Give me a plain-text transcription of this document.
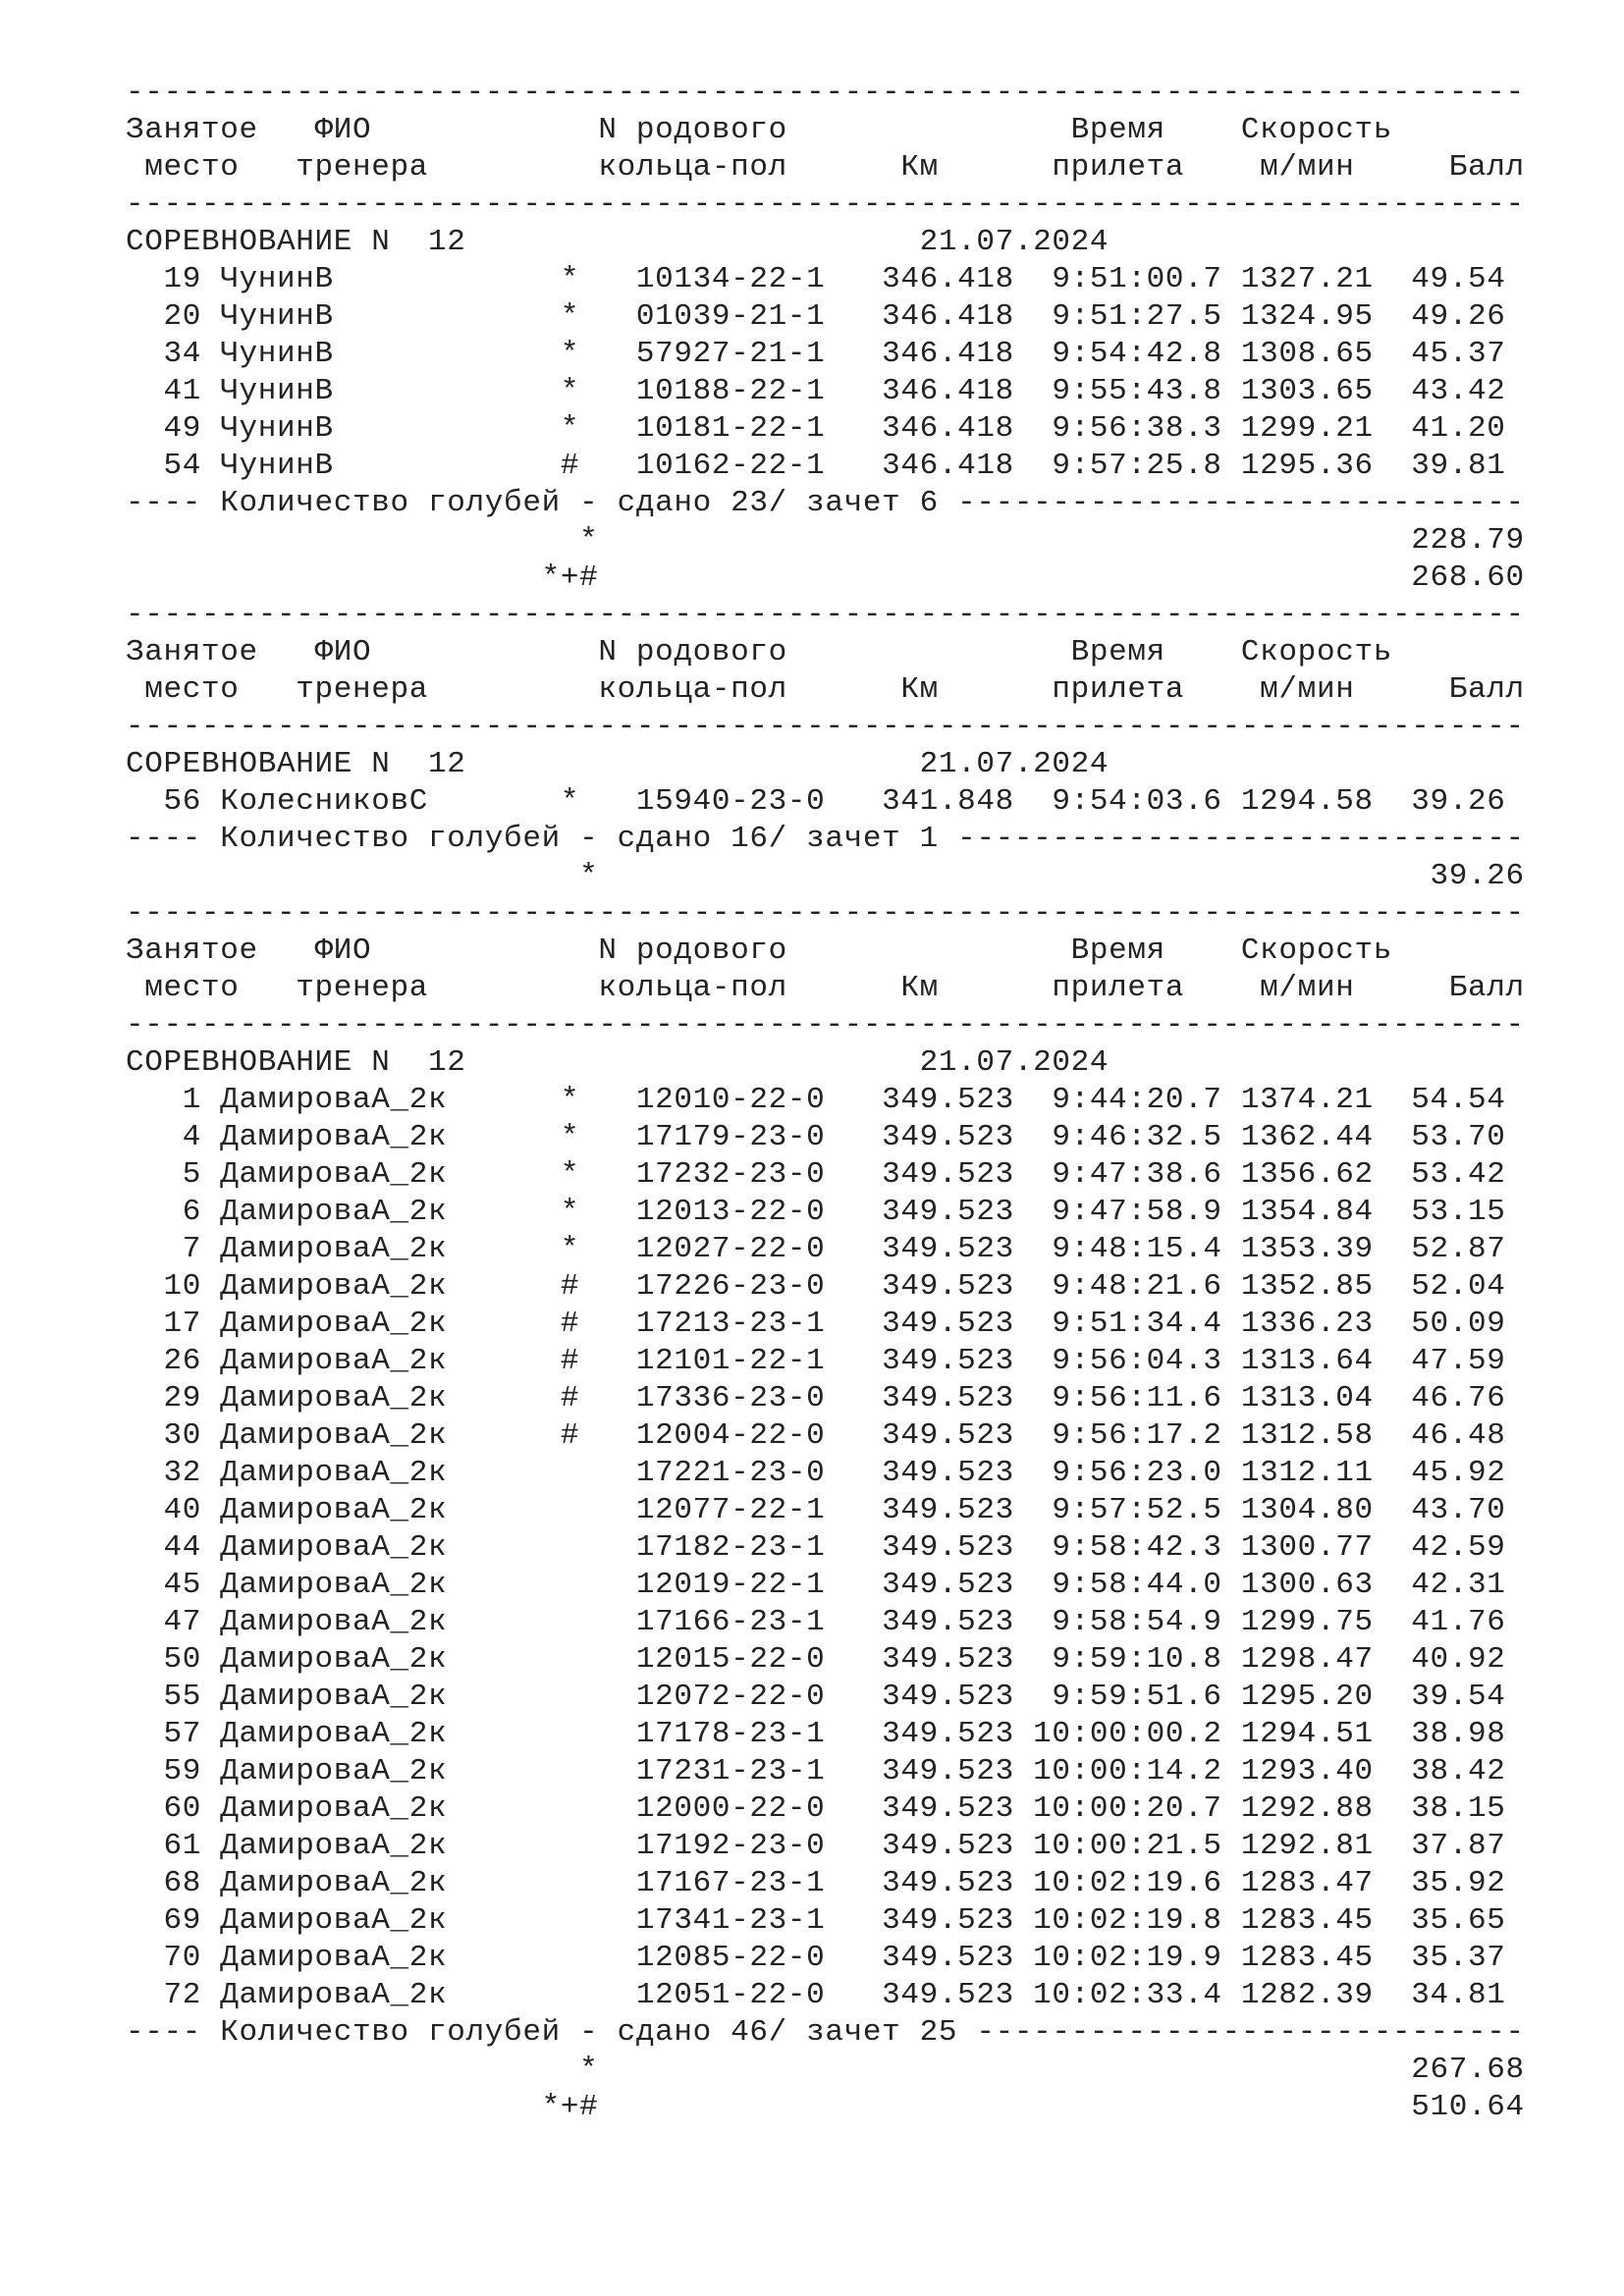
--------------------------------------------------------------------------
Занятое   ФИО            N родового               Время    Скорость
место   тренера         кольца-пол      Км      прилета    м/мин     Балл
--------------------------------------------------------------------------
СОРЕВНОВАНИЕ N  12                        21.07.2024
19 ЧунинВ            *   10134-22-1   346.418  9:51:00.7 1327.21  49.54
20 ЧунинВ            *   01039-21-1   346.418  9:51:27.5 1324.95  49.26
34 ЧунинВ            *   57927-21-1   346.418  9:54:42.8 1308.65  45.37
41 ЧунинВ            *   10188-22-1   346.418  9:55:43.8 1303.65  43.42
49 ЧунинВ            *   10181-22-1   346.418  9:56:38.3 1299.21  41.20
54 ЧунинВ            #   10162-22-1   346.418  9:57:25.8 1295.36  39.81
---- Количество голубей - сдано 23/ зачет 6 ------------------------------
*                                           228.79
*+#                                           268.60
--------------------------------------------------------------------------
Занятое   ФИО            N родового               Время    Скорость
место   тренера         кольца-пол      Км      прилета    м/мин     Балл
--------------------------------------------------------------------------
СОРЕВНОВАНИЕ N  12                        21.07.2024
56 КолесниковС       *   15940-23-0   341.848  9:54:03.6 1294.58  39.26
---- Количество голубей - сдано 16/ зачет 1 ------------------------------
*                                            39.26
--------------------------------------------------------------------------
Занятое   ФИО            N родового               Время    Скорость
место   тренера         кольца-пол      Км      прилета    м/мин     Балл
--------------------------------------------------------------------------
СОРЕВНОВАНИЕ N  12                        21.07.2024
1 ДамироваА_2к      *   12010-22-0   349.523  9:44:20.7 1374.21  54.54
4 ДамироваА_2к      *   17179-23-0   349.523  9:46:32.5 1362.44  53.70
5 ДамироваА_2к      *   17232-23-0   349.523  9:47:38.6 1356.62  53.42
6 ДамироваА_2к      *   12013-22-0   349.523  9:47:58.9 1354.84  53.15
7 ДамироваА_2к      *   12027-22-0   349.523  9:48:15.4 1353.39  52.87
10 ДамироваА_2к      #   17226-23-0   349.523  9:48:21.6 1352.85  52.04
17 ДамироваА_2к      #   17213-23-1   349.523  9:51:34.4 1336.23  50.09
26 ДамироваА_2к      #   12101-22-1   349.523  9:56:04.3 1313.64  47.59
29 ДамироваА_2к      #   17336-23-0   349.523  9:56:11.6 1313.04  46.76
30 ДамироваА_2к      #   12004-22-0   349.523  9:56:17.2 1312.58  46.48
32 ДамироваА_2к          17221-23-0   349.523  9:56:23.0 1312.11  45.92
40 ДамироваА_2к          12077-22-1   349.523  9:57:52.5 1304.80  43.70
44 ДамироваА_2к          17182-23-1   349.523  9:58:42.3 1300.77  42.59
45 ДамироваА_2к          12019-22-1   349.523  9:58:44.0 1300.63  42.31
47 ДамироваА_2к          17166-23-1   349.523  9:58:54.9 1299.75  41.76
50 ДамироваА_2к          12015-22-0   349.523  9:59:10.8 1298.47  40.92
55 ДамироваА_2к          12072-22-0   349.523  9:59:51.6 1295.20  39.54
57 ДамироваА_2к          17178-23-1   349.523 10:00:00.2 1294.51  38.98
59 ДамироваА_2к          17231-23-1   349.523 10:00:14.2 1293.40  38.42
60 ДамироваА_2к          12000-22-0   349.523 10:00:20.7 1292.88  38.15
61 ДамироваА_2к          17192-23-0   349.523 10:00:21.5 1292.81  37.87
68 ДамироваА_2к          17167-23-1   349.523 10:02:19.6 1283.47  35.92
69 ДамироваА_2к          17341-23-1   349.523 10:02:19.8 1283.45  35.65
70 ДамироваА_2к          12085-22-0   349.523 10:02:19.9 1283.45  35.37
72 ДамироваА_2к          12051-22-0   349.523 10:02:33.4 1282.39  34.81
---- Количество голубей - сдано 46/ зачет 25 -----------------------------
*                                           267.68
*+#                                           510.64
